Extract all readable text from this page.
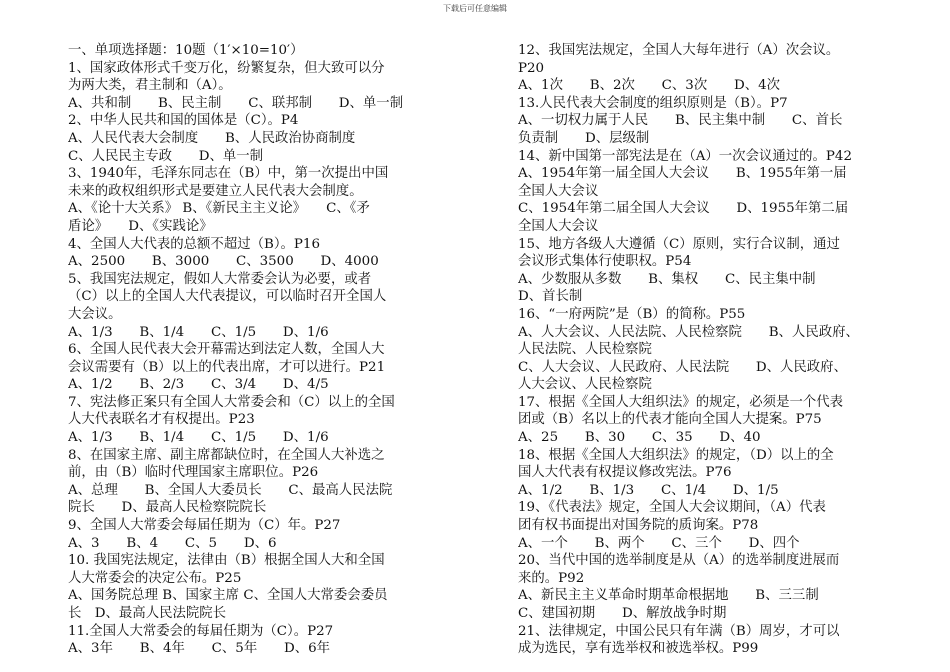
下载后可任意编辑
一、单项选择题：10题（1′×10=10′）
1、国家政体形式千变万化，纷繁复杂，但大致可以分
为两大类，君主制和（A）。
A、共和制　　B、民主制　　C、联邦制　　D、单一制
2、中华人民共和国的国体是（C）。P4
A、人民代表大会制度　　B、人民政治协商制度
C、人民民主专政　　D、单一制
3、1940年，毛泽东同志在（B）中，第一次提出中国
未来的政权组织形式是要建立人民代表大会制度。
A、《论十大关系》 B、《新民主主义论》　　C、《矛
盾论》　　D、《实践论》
4、全国人大代表的总额不超过（B）。P16
A、2500　　B、3000　　C、3500　　D、4000
5、我国宪法规定，假如人大常委会认为必要，或者
（C）以上的全国人大代表提议，可以临时召开全国人
大会议。
A、1/3　　B、1/4　　C、1/5　　D、1/6
6、全国人民代表大会开幕需达到法定人数，全国人大
会议需要有（B）以上的代表出席，才可以进行。P21
A、1/2　　B、2/3　　C、3/4　　D、4/5
7、宪法修正案只有全国人大常委会和（C）以上的全国
人大代表联名才有权提出。P23
A、1/3　　B、1/4　　C、1/5　　D、1/6
8、在国家主席、副主席都缺位时，在全国人大补选之
前，由（B）临时代理国家主席职位。P26
A、总理　　B、全国人大委员长　　C、最高人民法院
院长　　D、最高人民检察院院长
9、全国人大常委会每届任期为（C）年。P27
A、3　　B、4　　C、5　　D、6
10. 我国宪法规定，法律由（B）根据全国人大和全国
人大常委会的决定公布。P25
A、国务院总理 B、国家主席 C、全国人大常委会委员
长　D、最高人民法院院长
11.全国人大常委会的每届任期为（C）。P27
A、3年　　B、4年　　C、5年　　D、6年
12、我国宪法规定，全国人大每年进行（A）次会议。
P20
A、1次　　B、2次　　C、3次　　D、4次
13.人民代表大会制度的组织原则是（B）。P7
A、一切权力属于人民　　B、民主集中制　　C、首长
负责制　　D、层级制
14、新中国第一部宪法是在（A）一次会议通过的。P42
A、1954年第一届全国人大会议　　B、1955年第一届
全国人大会议
C、1954年第二届全国人大会议　　D、1955年第二届
全国人大会议
15、地方各级人大遵循（C）原则，实行合议制，通过
会议形式集体行使职权。P54
A、少数服从多数　　B、集权　　C、民主集中制
D、首长制
16、“一府两院”是（B）的简称。P55
A、人大会议、人民法院、人民检察院　　B、人民政府、
人民法院、人民检察院
C、人大会议、人民政府、人民法院　　D、人民政府、
人大会议、人民检察院
17、根据《全国人大组织法》的规定，必须是一个代表
团或（B）名以上的代表才能向全国人大提案。P75
A、25　　B、30　　C、35　　D、40
18、根据《全国人大组织法》的规定，（D）以上的全
国人大代表有权提议修改宪法。P76
A、1/2　　B、1/3　　C、1/4　　D、1/5
19、《代表法》规定，全国人大会议期间，（A）代表
团有权书面提出对国务院的质询案。P78
A、一个　　B、两个　　C、三个　　D、四个
20、当代中国的选举制度是从（A）的选举制度进展而
来的。P92
A、新民主主义革命时期革命根据地　　B、三三制
C、建国初期　　D、解放战争时期
21、法律规定，中国公民只有年满（B）周岁，才可以
成为选民，享有选举权和被选举权。P99
